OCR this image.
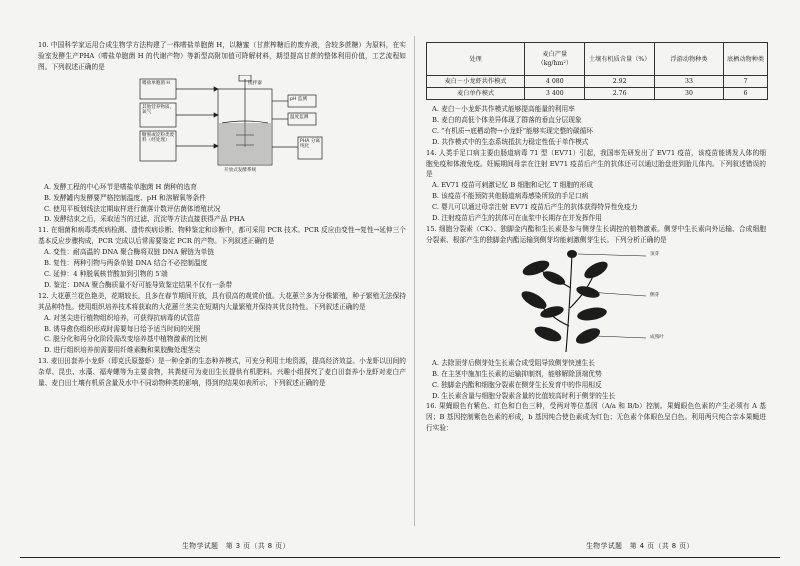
10. 中国科学家运用合成生物学方法构建了一株嗜盐单胞菌 H，以糖蜜（甘蔗榨糖后的废弃液，含较多蔗糖）为原料，在实验室发酵生产PHA（嗜盐单胞菌 H 的代谢产物）等新型高附加值可降解材料，期望提高甘蔗的整体利用价值，工艺流程如图。下列叙述正确的是

嗜盐单胞菌 H
其他营养物质、氧气
糖蜜或淀粉类废料（经处理）
搅拌器
pH 监测
温度监测
PHA 分离纯化
开放式发酵系统

A. 发酵工程的中心环节是嗜盐单胞菌 H 菌种的选育

B. 发酵罐内发酵要严格控制温度、pH 和溶解氧等条件

C. 使用平板划线法定期取样进行菌落计数评估菌体增殖状况

D. 发酵结束之后，采取适当的过滤、沉淀等方法直接获得产品 PHA

11. 在细菌和病毒类疾病检测、遗传疾病诊断、物种鉴定和诊断中，都可采用 PCR 技术。PCR 反应由变性→复性→延伸三个基本反应步骤构成，PCR 完成以后常需要鉴定 PCR 的产物。下列叙述正确的是

A. 变性：耐高温的 DNA 聚合酶将双链 DNA 解链为单链

B. 复性：两种引物与两条单链 DNA 结合不必控制温度

C. 延伸：4 种脱氧核苷酸加到引物的 5′端

D. 鉴定：DNA 聚合酶质量不好可能导致鉴定结果不仅有一条带

12. 大花蕙兰花色艳美，花期较长，且多在春节期间开放，具有很高的观赏价值。大花蕙兰多为分株繁殖，种子繁殖无法保持其品种特性。使用组织培养技术将获取的大花蕙兰茎尖在短期内大量繁殖并保持其优良特性。下列叙述正确的是

A. 对茎尖进行植物组织培养，可获得抗病毒的试管苗

B. 诱导愈伤组织形成时需要每日给予适当时间的光照

C. 脱分化和再分化阶段需改变培养基中植物激素的比例

D. 进行组织培养前需要用纤维素酶和果胶酶处理茎尖

13. 麦田田套养小龙虾（即克氏原螯虾）是一种全新的生态种养模式，可充分利用土地资源，提高经济效益。小龙虾以田间的杂草、昆虫、水藻、福寿螺等为主要食物，其粪便可为麦田生长提供有机肥料。兴趣小组探究了麦白田套养小龙虾对麦白产量、麦白田土壤有机质含量及水中不同动物种类的影响，得到的结果如表所示，下列叙述正确的是

处理	麦白产量（kg/hm²）	土壤有机质含量（%）	浮游动物种类	底栖动物种类
麦白－小龙虾共作模式	4 080	2.92	33	7
麦白单作模式	3 400	2.76	30	6

A. 麦白－小龙虾共作模式能够提高能量的利用率

B. 麦白的高低个体差异体现了群落的垂直分层现象

C. “有机质→底栖动物→小龙虾”能够实现完整的碳循环

D. 共作模式中的生态系统抵抗力稳定性低于单作模式

14. 人类手足口病主要由肠道病毒 71 型（EV71）引起，我国率先研发出了 EV71 疫苗，该疫苗能诱发人体的细胞免疫和体液免疫。妊娠期间母亲在注射 EV71 疫苗后产生的抗体还可以通过胎盘进到胎儿体内。下列叙述错误的是

A. EV71 疫苗可刺激记忆 B 细胞和记忆 T 细胞的形成

B. 该疫苗不能预防其他肠道病毒感染所致的手足口病

C. 婴儿可以通过母亲注射 EV71 疫苗后产生的抗体获得特异性免疫力

D. 注射疫苗后产生的抗体可在血浆中长期存在并发挥作用

15. 细胞分裂素（CK）、独脚金内酯和生长素是参与侧芽生长调控的植物激素。侧芽中生长素向外运输、合成细胞分裂素、根部产生的独脚金内酯运输到侧芽均能刺激侧芽生长。下列分析正确的是

顶芽
侧芽
成熟叶

A. 去除顶芽后侧芽处生长素合成受阻导致侧芽快速生长

B. 在主茎中施加生长素的运输抑制剂，能够解除顶端优势

C. 独脚金内酯和细胞分裂素在侧芽生长发育中的作用相反

D. 生长素含量与细胞分裂素含量的比值较高时利于侧芽的生长

16. 果蝇眼色有紫色、红色和白色三种，受两对等位基因（A/a 和 B/b）控制。果蝇眼色色素的产生必须有 A 基因；B 基因控制紫色色素的形成，b 基因纯合使色素成为红色；无色素个体眼色呈白色。利用两只纯合亲本果蝇进行实验：

生物学试题　第 3 页（共 8 页）	生物学试题　第 4 页（共 8 页）
